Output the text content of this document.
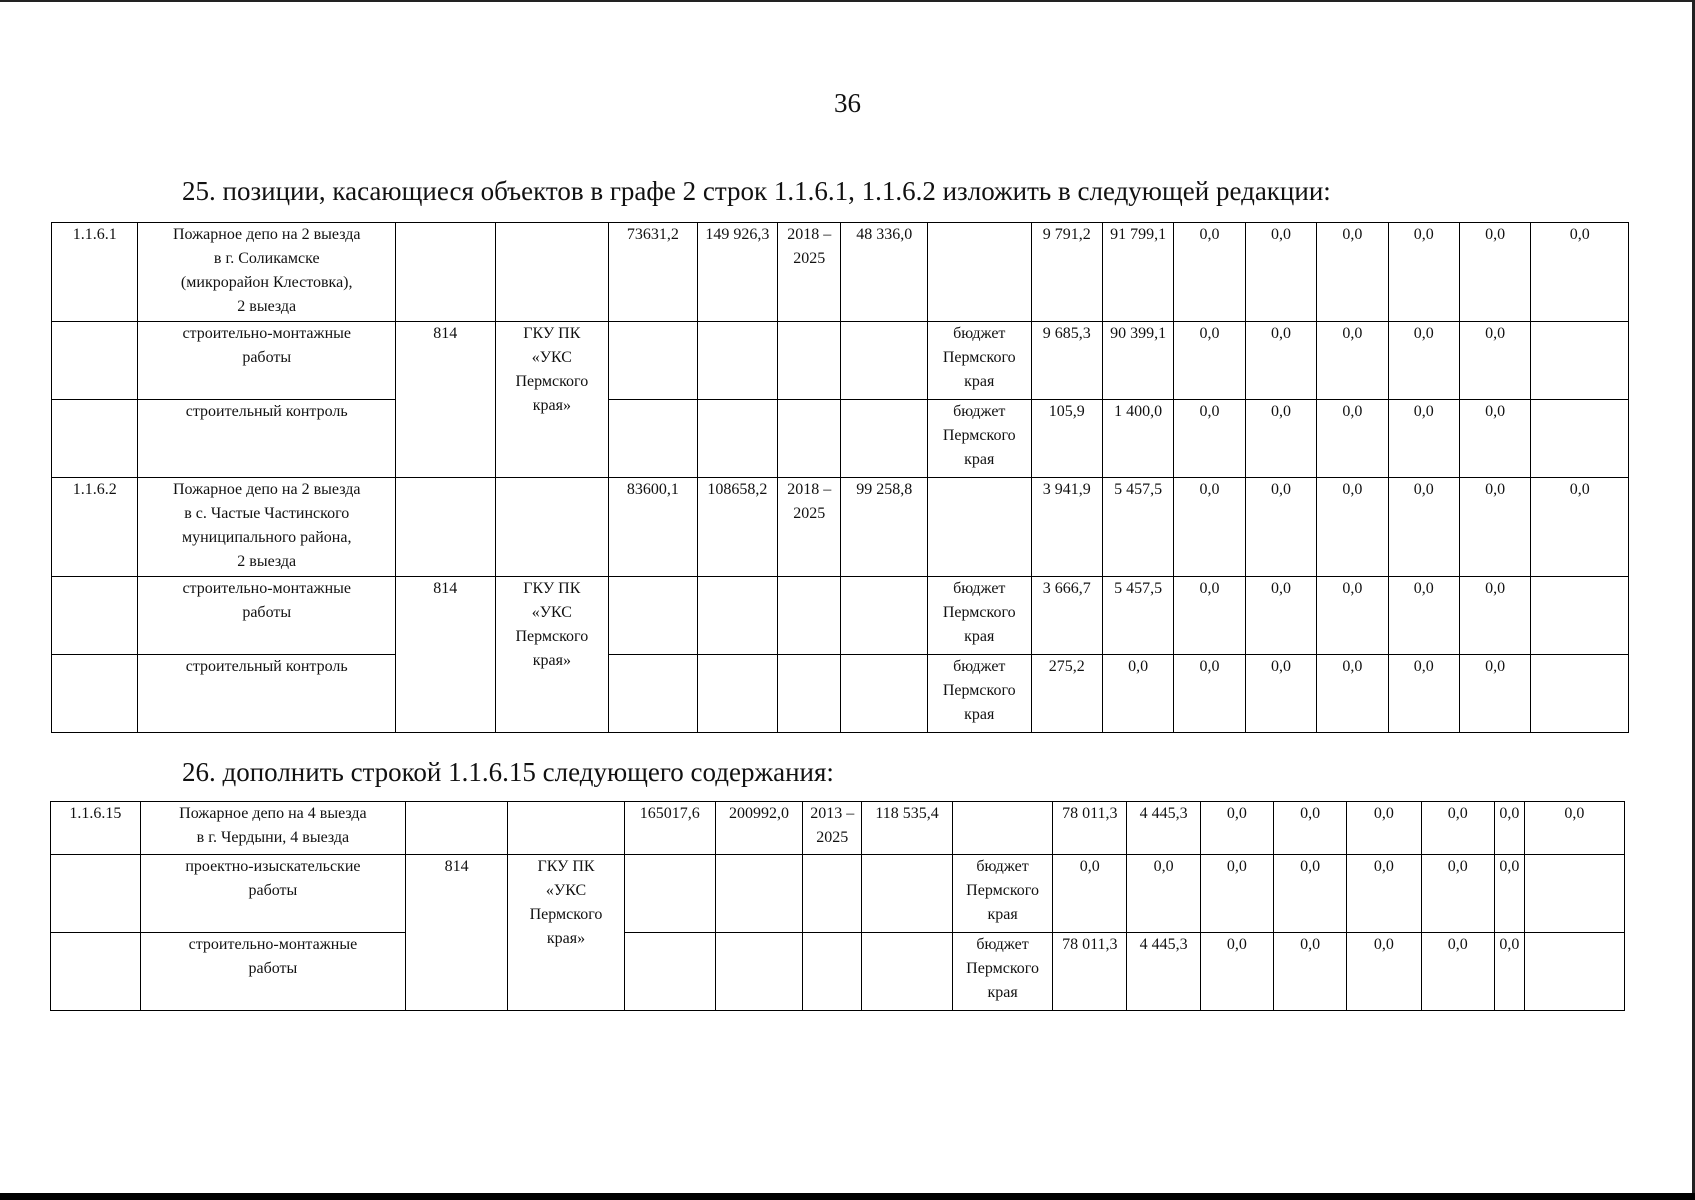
36
25. позиции, касающиеся объектов в графе 2 строк 1.1.6.1, 1.1.6.2 изложить в следующей редакции:
1.1.6.1	Пожарное депо на 2 выезда
в г. Соликамске
(микрорайон Клестовка),
2 выезда			73631,2	149 926,3	2018 –
2025	48 336,0		9 791,2	91 799,1	0,0	0,0	0,0	0,0	0,0	0,0
	строительно-монтажные
работы	814	ГКУ ПК
«УКС
Пермского
края»					бюджет
Пермского
края	9 685,3	90 399,1	0,0	0,0	0,0	0,0	0,0	
	строительный контроль							бюджет
Пермского
края	105,9	1 400,0	0,0	0,0	0,0	0,0	0,0	
1.1.6.2	Пожарное депо на 2 выезда
в с. Частые Частинского
муниципального района,
2 выезда			83600,1	108658,2	2018 –
2025	99 258,8		3 941,9	5 457,5	0,0	0,0	0,0	0,0	0,0	0,0
	строительно-монтажные
работы	814	ГКУ ПК
«УКС
Пермского
края»					бюджет
Пермского
края	3 666,7	5 457,5	0,0	0,0	0,0	0,0	0,0	
	строительный контроль							бюджет
Пермского
края	275,2	0,0	0,0	0,0	0,0	0,0	0,0	
26. дополнить строкой 1.1.6.15 следующего содержания:
1.1.6.15	Пожарное депо на 4 выезда
в г. Чердыни, 4 выезда			165017,6	200992,0	2013 –
2025	118 535,4		78 011,3	4 445,3	0,0	0,0	0,0	0,0	0,0	0,0
	проектно-изыскательские
работы	814	ГКУ ПК
«УКС
Пермского
края»					бюджет
Пермского
края	0,0	0,0	0,0	0,0	0,0	0,0	0,0	
	строительно-монтажные
работы							бюджет
Пермского
края	78 011,3	4 445,3	0,0	0,0	0,0	0,0	0,0	
